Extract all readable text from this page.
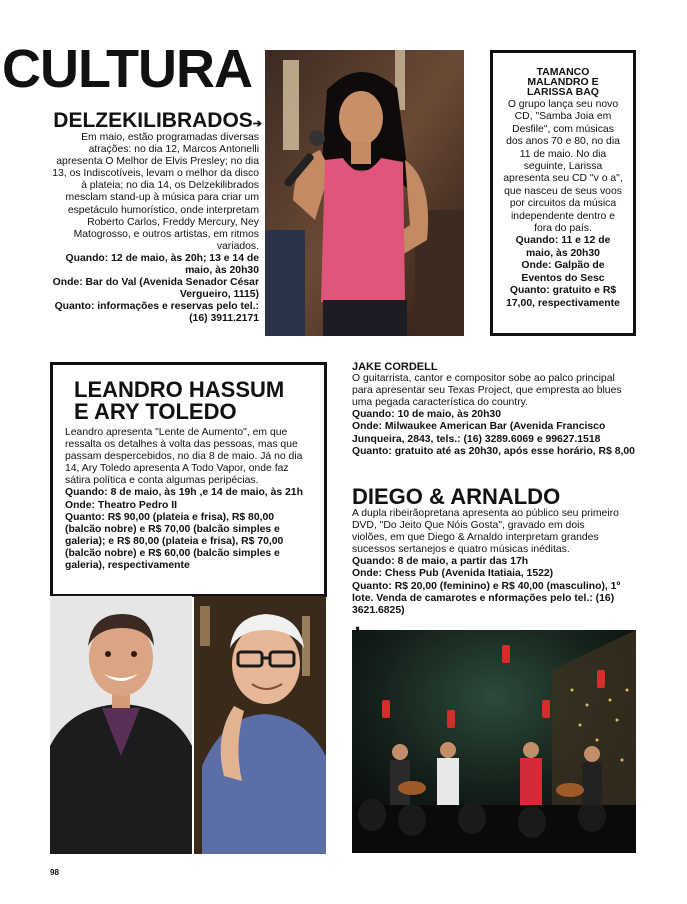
CULTURA
DELZEKILIBRADOS➔

Em maio, estão programadas diversas atrações: no dia 12, Marcos Antonelli apresenta O Melhor de Elvis Presley; no dia 13, os Indiscotíveis, levam o melhor da disco à plateia; no dia 14, os Delzekilibrados mesclam stand-up à música para criar um espetáculo humorístico, onde interpretam Roberto Carlos, Freddy Mercury, Ney Matogrosso, e outros artistas, em ritmos variados.

Quando: 12 de maio, às 20h; 13 e 14 de maio, às 20h30

Onde: Bar do Val (Avenida Senador César Vergueiro, 1115)

Quanto: informações e reservas pelo tel.: (16) 3911.2171

TAMANCO MALANDRO E LARISSA BAQ

O grupo lança seu novo CD, "Samba Joia em Desfile", com músicas dos anos 70 e 80, no dia 11 de maio. No dia seguinte, Larissa apresenta seu CD "v o a", que nasceu de seus voos por circuitos da música independente dentro e fora do país.

Quando: 11 e 12 de maio, às 20h30

Onde: Galpão de Eventos do Sesc

Quanto: gratuito e R$ 17,00, respectivamente

LEANDRO HASSUM E ARY TOLEDO

Leandro apresenta "Lente de Aumento", em que ressalta os detalhes à volta das pessoas, mas que passam despercebidos, no dia 8 de maio. Já no dia 14, Ary Toledo apresenta A Todo Vapor, onde faz sátira política e conta algumas peripécias.

Quando: 8 de maio, às 19h ,e 14 de maio, às 21h

Onde: Theatro Pedro II

Quanto: R$ 90,00 (plateia e frisa), R$ 80,00 (balcão nobre) e R$ 70,00 (balcão simples e galeria); e R$ 80,00 (plateia e frisa), R$ 70,00 (balcão nobre) e R$ 60,00 (balcão simples e galeria), respectivamente

JAKE CORDELL

O guitarrista, cantor e compositor sobe ao palco principal para apresentar seu Texas Project, que empresta ao blues uma pegada característica do country.

Quando: 10 de maio, às 20h30

Onde: Milwaukee American Bar (Avenida Francisco Junqueira, 2843, tels.: (16) 3289.6069 e 99627.1518

Quanto: gratuito até as 20h30, após esse horário, R$ 8,00

DIEGO & ARNALDO

A dupla ribeirãopretana apresenta ao público seu primeiro DVD, "Do Jeito Que Nóis Gosta", gravado em dois violões, em que Diego & Arnaldo interpretam grandes sucessos sertanejos e quatro músicas inéditas.

Quando: 8 de maio, a partir das 17h

Onde: Chess Pub (Avenida Itatiaia, 1522)

Quanto: R$ 20,00 (feminino) e R$ 40,00 (masculino), 1º lote. Venda de camarotes e nformações pelo tel.: (16) 3621.6825)

98
